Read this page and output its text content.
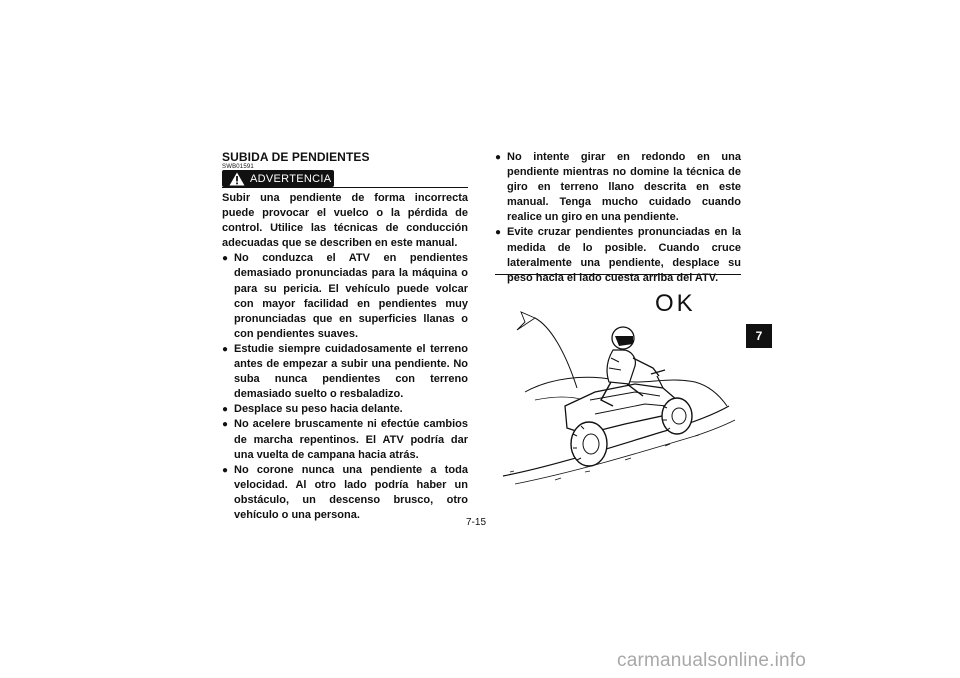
SUBIDA DE PENDIENTES
SWB01591
ADVERTENCIA

Subir una pendiente de forma incorrecta puede provocar el vuelco o la pérdida de control. Utilice las técnicas de conducción adecuadas que se describen en este manual.

● No conduzca el ATV en pendientes demasiado pronunciadas para la máquina o para su pericia. El vehículo puede volcar con mayor facilidad en pendientes muy pronunciadas que en superficies llanas o con pendientes suaves.
● Estudie siempre cuidadosamente el terreno antes de empezar a subir una pendiente. No suba nunca pendientes con terreno demasiado suelto o resbaladizo.
● Desplace su peso hacia delante.
● No acelere bruscamente ni efectúe cambios de marcha repentinos. El ATV podría dar una vuelta de campana hacia atrás.
● No corone nunca una pendiente a toda velocidad. Al otro lado podría haber un obstáculo, un descenso brusco, otro vehículo o una persona.
● No intente girar en redondo en una pendiente mientras no domine la técnica de giro en terreno llano descrita en este manual. Tenga mucho cuidado cuando realice un giro en una pendiente.
● Evite cruzar pendientes pronunciadas en la medida de lo posible. Cuando cruce lateralmente una pendiente, desplace su peso hacia el lado cuesta arriba del ATV.
OK
7
7-15
carmanualsonline.info
